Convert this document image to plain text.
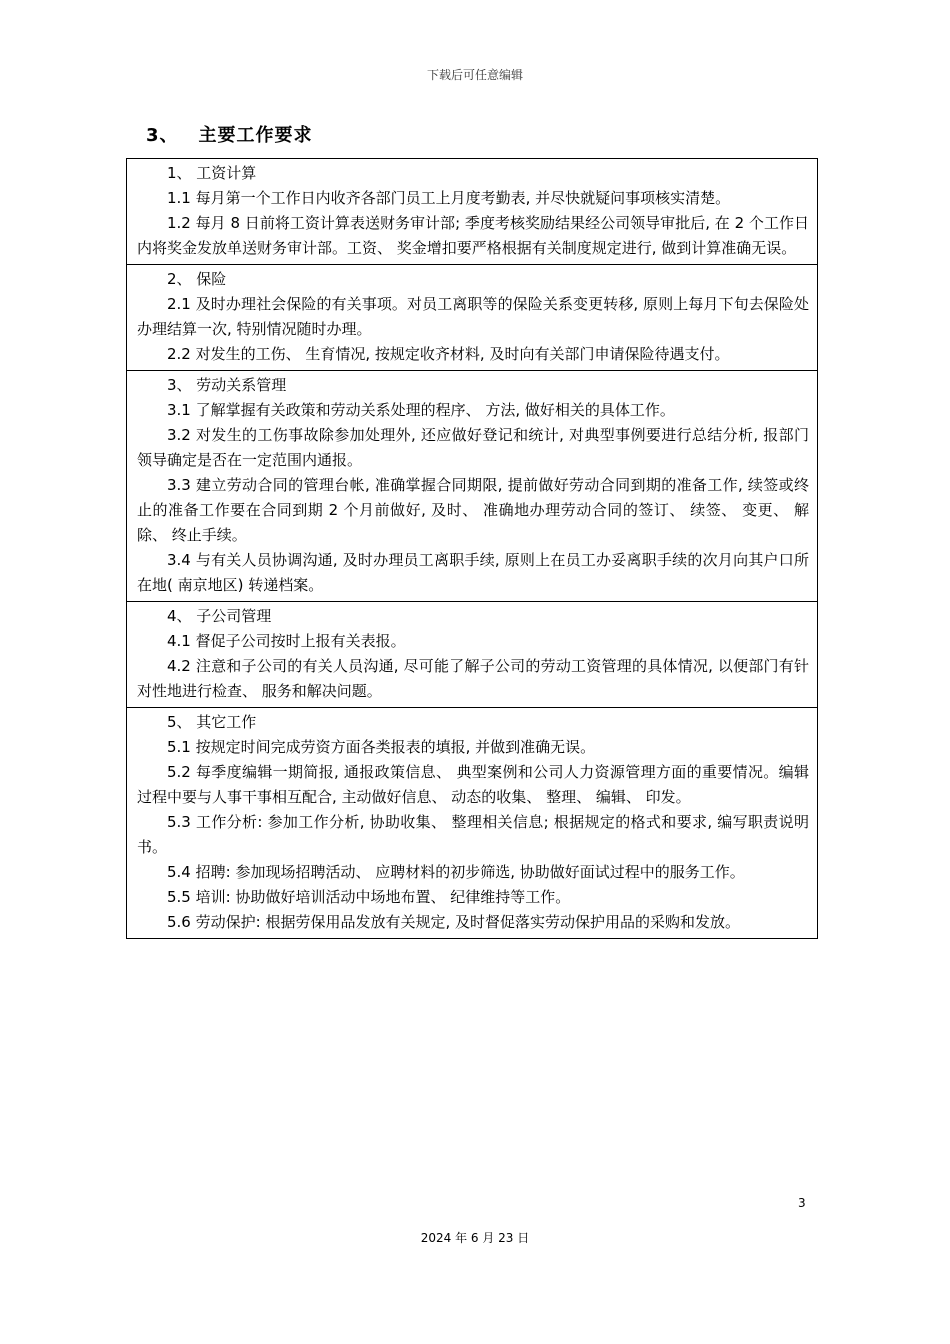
下载后可任意编辑
3、 主要工作要求

1、 工资计算

1.1 每月第一个工作日内收齐各部门员工上月度考勤表, 并尽快就疑问事项核实清楚。

1.2 每月 8 日前将工资计算表送财务审计部; 季度考核奖励结果经公司领导审批后, 在 2 个工作日内将奖金发放单送财务审计部。工资、 奖金增扣要严格根据有关制度规定进行, 做到计算准确无误。

2、 保险

2.1 及时办理社会保险的有关事项。对员工离职等的保险关系变更转移, 原则上每月下旬去保险处办理结算一次, 特别情况随时办理。

2.2 对发生的工伤、 生育情况, 按规定收齐材料, 及时向有关部门申请保险待遇支付。

3、 劳动关系管理

3.1 了解掌握有关政策和劳动关系处理的程序、 方法, 做好相关的具体工作。

3.2 对发生的工伤事故除参加处理外, 还应做好登记和统计, 对典型事例要进行总结分析, 报部门领导确定是否在一定范围内通报。

3.3 建立劳动合同的管理台帐, 准确掌握合同期限, 提前做好劳动合同到期的准备工作, 续签或终止的准备工作要在合同到期 2 个月前做好, 及时、 准确地办理劳动合同的签订、 续签、 变更、 解除、 终止手续。

3.4 与有关人员协调沟通, 及时办理员工离职手续, 原则上在员工办妥离职手续的次月向其户口所在地( 南京地区) 转递档案。

4、 子公司管理

4.1 督促子公司按时上报有关表报。

4.2 注意和子公司的有关人员沟通, 尽可能了解子公司的劳动工资管理的具体情况, 以便部门有针对性地进行检查、 服务和解决问题。

5、 其它工作

5.1 按规定时间完成劳资方面各类报表的填报, 并做到准确无误。

5.2 每季度编辑一期简报, 通报政策信息、 典型案例和公司人力资源管理方面的重要情况。编辑过程中要与人事干事相互配合, 主动做好信息、 动态的收集、 整理、 编辑、 印发。

5.3 工作分析: 参加工作分析, 协助收集、 整理相关信息; 根据规定的格式和要求, 编写职责说明书。

5.4 招聘: 参加现场招聘活动、 应聘材料的初步筛选, 协助做好面试过程中的服务工作。

5.5 培训: 协助做好培训活动中场地布置、 纪律维持等工作。

5.6 劳动保护: 根据劳保用品发放有关规定, 及时督促落实劳动保护用品的采购和发放。

3
2024 年 6 月 23 日
